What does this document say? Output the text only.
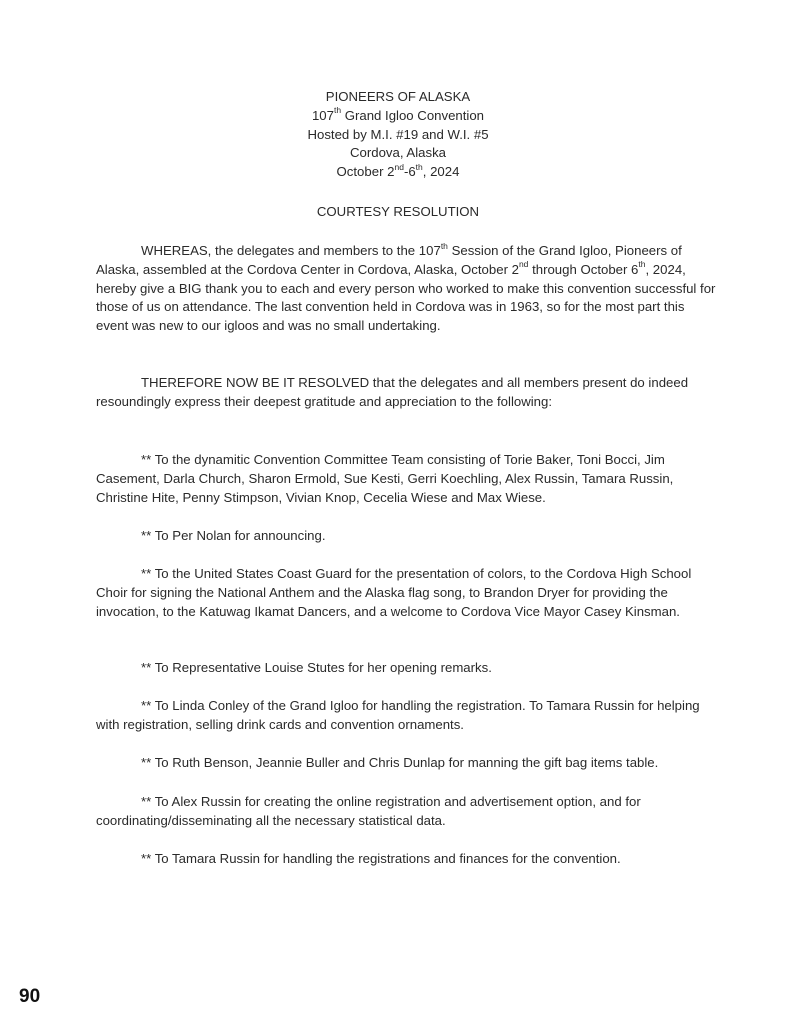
PIONEERS OF ALASKA
107th Grand Igloo Convention
Hosted by M.I. #19 and W.I. #5
Cordova, Alaska
October 2nd-6th, 2024
COURTESY RESOLUTION

WHEREAS, the delegates and members to the 107th Session of the Grand Igloo, Pioneers of Alaska, assembled at the Cordova Center in Cordova, Alaska, October 2nd through October 6th, 2024, hereby give a BIG thank you to each and every person who worked to make this convention successful for those of us on attendance. The last convention held in Cordova was in 1963, so for the most part this event was new to our igloos and was no small undertaking.

THEREFORE NOW BE IT RESOLVED that the delegates and all members present do indeed resoundingly express their deepest gratitude and appreciation to the following:

** To the dynamitic Convention Committee Team consisting of Torie Baker, Toni Bocci, Jim Casement, Darla Church, Sharon Ermold, Sue Kesti, Gerri Koechling, Alex Russin, Tamara Russin, Christine Hite, Penny Stimpson, Vivian Knop, Cecelia Wiese and Max Wiese.

** To Per Nolan for announcing.

** To the United States Coast Guard for the presentation of colors, to the Cordova High School Choir for signing the National Anthem and the Alaska flag song, to Brandon Dryer for providing the invocation, to the Katuwag Ikamat Dancers, and a welcome to Cordova Vice Mayor Casey Kinsman.

** To Representative Louise Stutes for her opening remarks.

** To Linda Conley of the Grand Igloo for handling the registration. To Tamara Russin for helping with registration, selling drink cards and convention ornaments.

** To Ruth Benson, Jeannie Buller and Chris Dunlap for manning the gift bag items table.

** To Alex Russin for creating the online registration and advertisement option, and for coordinating/disseminating all the necessary statistical data.

** To Tamara Russin for handling the registrations and finances for the convention.

90
